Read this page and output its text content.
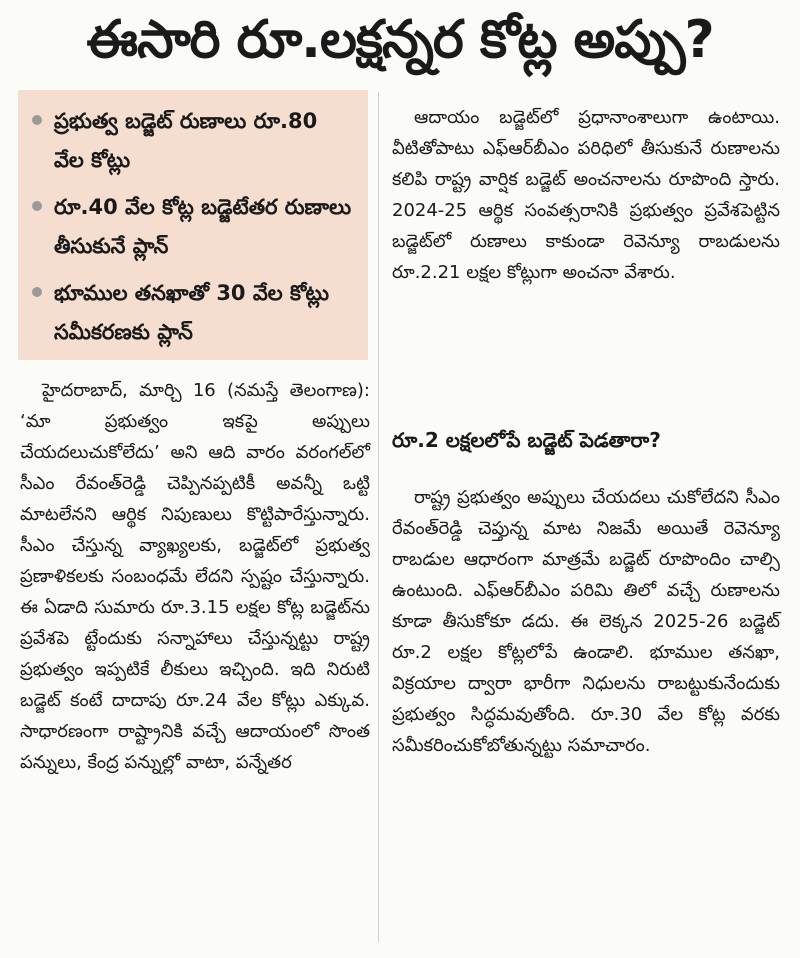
ఈసారి రూ.లక్షన్నర కోట్ల అప్పు?
ప్రభుత్వ బడ్జెట్ రుణాలు రూ.80 వేల కోట్లు
రూ.40 వేల కోట్ల బడ్జెటేతర రుణాలు తీసుకునే ప్లాన్
భూముల తనఖాతో 30 వేల కోట్లు సమీకరణకు ప్లాన్

హైదరాబాద్, మార్చి 16 (నమస్తే తెలంగాణ): ‘మా ప్రభుత్వం ఇకపై అప్పులు చేయదలుచుకోలేదు’ అని ఆది వారం వరంగల్‌లో సీఎం రేవంత్‌రెడ్డి చెప్పినప్పటికీ అవన్నీ ఒట్టి మాటలేనని ఆర్థిక నిపుణులు కొట్టిపారేస్తున్నారు. సీఎం చేస్తున్న వ్యాఖ్యలకు, బడ్జెట్‌లో ప్రభుత్వ ప్రణాళికలకు సంబంధమే లేదని స్పష్టం చేస్తున్నారు. ఈ ఏడాది సుమారు రూ.3.15 లక్షల కోట్ల బడ్జెట్‌ను ప్రవేశపె ట్టేందుకు సన్నాహాలు చేస్తున్నట్టు రాష్ట్ర ప్రభుత్వం ఇప్పటికే లీకులు ఇచ్చింది. ఇది నిరుటి బడ్జెట్ కంటే దాదాపు రూ.24 వేల కోట్లు ఎక్కువ. సాధారణంగా రాష్ట్రానికి వచ్చే ఆదాయంలో సొంత పన్నులు, కేంద్ర పన్నుల్లో వాటా, పన్నేతర

ఆదాయం బడ్జెట్‌లో ప్రధానాంశాలుగా ఉంటాయి. వీటితోపాటు ఎఫ్‌ఆర్‌బీఎం పరిధిలో తీసుకునే రుణాలను కలిపి రాష్ట్ర వార్షిక బడ్జెట్ అంచనాలను రూపొంది స్తారు. 2024-25 ఆర్థిక సంవత్సరానికి ప్రభుత్వం ప్రవేశపెట్టిన బడ్జెట్‌లో రుణాలు కాకుండా రెవెన్యూ రాబడులను రూ.2.21 లక్షల కోట్లుగా అంచనా వేశారు.

రూ.2 లక్షలలోపే బడ్జెట్ పెడతారా?

రాష్ట్ర ప్రభుత్వం అప్పులు చేయదలు చుకోలేదని సీఎం రేవంత్‌రెడ్డి చెప్తున్న మాట నిజమే అయితే రెవెన్యూ రాబడుల ఆధారంగా మాత్రమే బడ్జెట్ రూపొందిం చాల్సి ఉంటుంది. ఎఫ్‌ఆర్‌బీఎం పరిమి తిలో వచ్చే రుణాలను కూడా తీసుకోకూ డదు. ఈ లెక్కన 2025-26 బడ్జెట్ రూ.2 లక్షల కోట్లలోపే ఉండాలి. భూముల తనఖా, విక్రయాల ద్వారా భారీగా నిధులను రాబట్టుకునేందుకు ప్రభుత్వం సిద్ధమవుతోంది. రూ.30 వేల కోట్ల వరకు సమీకరించుకోబోతున్నట్టు సమాచారం.
